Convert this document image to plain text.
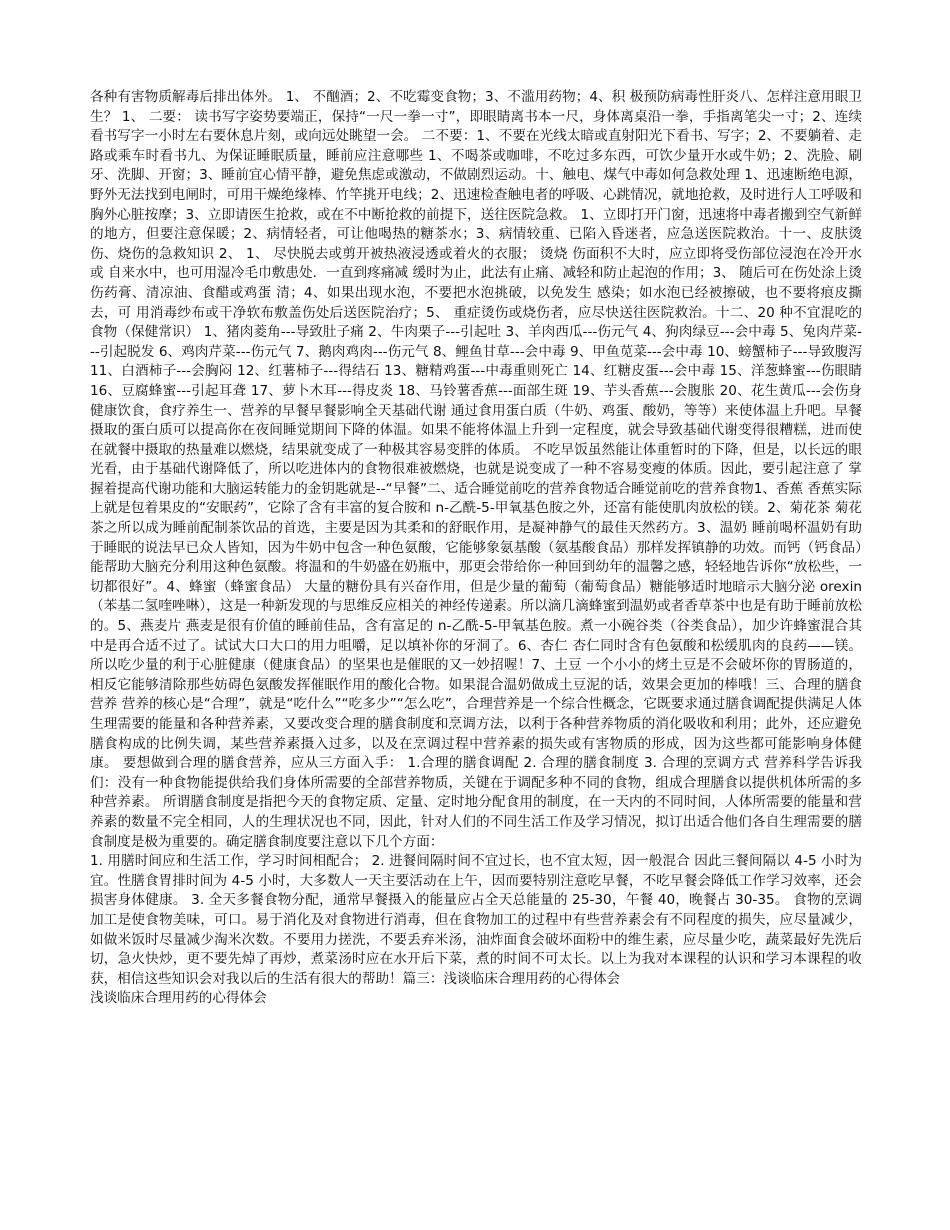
各种有害物质解毒后排出体外。 1、 不酗酒；2、不吃霉变食物；3、不滥用药物；4、积 极预防病毒性肝炎八、怎样注意用眼卫生？ 1、 二要： 读书写字姿势要端正，保持“一尺一拳一寸”，即眼睛离书本一尺，身体离桌沿一拳，手指离笔尖一寸；2、连续看书写字一小时左右要休息片刻，或向远处眺望一会。 二不要：1、不要在光线太暗或直射阳光下看书、写字；2、不要躺着、走路或乘车时看书九、为保证睡眠质量，睡前应注意哪些 1、不喝茶或咖啡，不吃过多东西，可饮少量开水或牛奶；2、洗脸、刷牙、洗脚、开窗；3、睡前宜心情平静，避免焦虑或激动，不做剧烈运动。十、触电、煤气中毒如何急救处理 1、迅速断绝电源，野外无法找到电闸时，可用干燥绝缘棒、竹竿挑开电线；2、迅速检查触电者的呼吸、心跳情况，就地抢救，及时进行人工呼吸和胸外心脏按摩；3、立即请医生抢救，或在不中断抢救的前提下，送往医院急救。 1、立即打开门窗，迅速将中毒者搬到空气新鲜的地方，但要注意保暖；2、病情轻者，可让他喝热的糖茶水；3、病情较重、已陷入昏迷者，应急送医院救治。十一、皮肤烫伤、烧伤的急救知识 2、 1、 尽快脱去或剪开被热液浸透或着火的衣服； 烫烧 伤面积不大时，应立即将受伤部位浸泡在冷开水或 自来水中，也可用湿冷毛巾敷患处．一直到疼痛减 缓时为止，此法有止痛、减轻和防止起泡的作用；3、 随后可在伤处涂上烫伤药膏、清凉油、食醋或鸡蛋 清；4、如果出现水泡，不要把水泡挑破，以免发生 感染；如水泡已经被擦破，也不要将痕皮撕去，可 用消毒纱布或干净软布敷盖伤处后送医院治疗；5、 重症烫伤或烧伤者，应尽快送往医院救治。十二、20 种不宜混吃的食物（保健常识） 1、猪肉菱角---导致肚子痛 2、牛肉栗子---引起吐 3、羊肉西瓜---伤元气 4、狗肉绿豆---会中毒 5、兔肉芹菜---引起脱发 6、鸡肉芹菜---伤元气 7、鹅肉鸡肉---伤元气 8、鲤鱼甘草---会中毒 9、甲鱼苋菜---会中毒 10、螃蟹柿子---导致腹泻 11、白酒柿子---会胸闷 12、红薯柿子---得结石 13、糖精鸡蛋---中毒重则死亡 14、红糖皮蛋---会中毒 15、洋葱蜂蜜---伤眼睛 16、豆腐蜂蜜---引起耳聋 17、萝卜木耳---得皮炎 18、马铃薯香蕉---面部生斑 19、芋头香蕉---会腹胀 20、花生黄瓜---会伤身健康饮食，食疗养生一、营养的早餐早餐影响全天基础代谢 通过食用蛋白质（牛奶、鸡蛋、酸奶，等等）来使体温上升吧。早餐摄取的蛋白质可以提高你在夜间睡觉期间下降的体温。如果不能将体温上升到一定程度，就会导致基础代谢变得很糟糕，进而使在就餐中摄取的热量难以燃烧，结果就变成了一种极其容易变胖的体质。 不吃早饭虽然能让体重暂时的下降，但是，以长远的眼光看，由于基础代谢降低了，所以吃进体内的食物很难被燃烧，也就是说变成了一种不容易变瘦的体质。因此，要引起注意了 掌握着提高代谢功能和大脑运转能力的金钥匙就是--“早餐”二、适合睡觉前吃的营养食物适合睡觉前吃的营养食物1、香蕉 香蕉实际上就是包着果皮的“安眠药”，它除了含有丰富的复合胺和 n-乙酰-5-甲氧基色胺之外，还富有能使肌肉放松的镁。2、菊花茶 菊花茶之所以成为睡前配制茶饮品的首选，主要是因为其柔和的舒眠作用，是凝神静气的最佳天然药方。3、温奶 睡前喝杯温奶有助于睡眠的说法早已众人皆知，因为牛奶中包含一种色氨酸，它能够象氨基酸（氨基酸食品）那样发挥镇静的功效。而钙（钙食品）能帮助大脑充分利用这种色氨酸。将温和的牛奶盛在奶瓶中，那更会带给你一种回到幼年的温馨之感，轻轻地告诉你“放松些，一切都很好”。4、蜂蜜（蜂蜜食品） 大量的糖份具有兴奋作用，但是少量的葡萄（葡萄食品）糖能够适时地暗示大脑分泌 orexin（苯基二氢喹唑啉），这是一种新发现的与思维反应相关的神经传递素。所以滴几滴蜂蜜到温奶或者香草茶中也是有助于睡前放松的。5、燕麦片 燕麦是很有价值的睡前佳品，含有富足的 n-乙酰-5-甲氧基色胺。煮一小碗谷类（谷类食品），加少许蜂蜜混合其中是再合适不过了。试试大口大口的用力咀嚼，足以填补你的牙洞了。6、杏仁 杏仁同时含有色氨酸和松缓肌肉的良药——镁。所以吃少量的利于心脏健康（健康食品）的坚果也是催眠的又一妙招喔！7、土豆 一个小小的烤土豆是不会破坏你的胃肠道的，相反它能够清除那些妨碍色氨酸发挥催眠作用的酸化合物。如果混合温奶做成土豆泥的话，效果会更加的棒哦！三、合理的膳食营养 营养的核心是“合理”，就是“吃什么”“吃多少”“怎么吃”，合理营养是一个综合性概念，它既要求通过膳食调配提供满足人体生理需要的能量和各种营养素，又要改变合理的膳食制度和烹调方法，以利于各种营养物质的消化吸收和利用；此外，还应避免膳食构成的比例失调，某些营养素摄入过多，以及在烹调过程中营养素的损失或有害物质的形成，因为这些都可能影响身体健康。 要想做到合理的膳食营养，应从三方面入手： 1.合理的膳食调配 2. 合理的膳食制度 3. 合理的烹调方式 营养科学告诉我们：没有一种食物能提供给我们身体所需要的全部营养物质，关键在于调配多种不同的食物，组成合理膳食以提供机体所需的多种营养素。 所谓膳食制度是指把今天的食物定质、定量、定时地分配食用的制度，在一天内的不同时间，人体所需要的能量和营养素的数量不完全相同，人的生理状况也不同，因此，针对人们的不同生活工作及学习情况，拟订出适合他们各自生理需要的膳食制度是极为重要的。确定膳食制度要注意以下几个方面：

1. 用膳时间应和生活工作，学习时间相配合； 2. 进餐间隔时间不宜过长，也不宜太短，因一般混合 因此三餐间隔以 4-5 小时为宜。性膳食胃排时间为 4-5 小时，大多数人一天主要活动在上午，因而要特别注意吃早餐，不吃早餐会降低工作学习效率，还会损害身体健康。 3. 全天多餐食物分配，通常早餐摄入的能量应占全天总能量的 25-30，午餐 40，晚餐占 30-35。 食物的烹调加工是使食物美味，可口。易于消化及对食物进行消毒，但在食物加工的过程中有些营养素会有不同程度的损失，应尽量减少，如做米饭时尽量减少淘米次数。不要用力搓洗，不要丢弃米汤，油炸面食会破坏面粉中的维生素，应尽量少吃，蔬菜最好先洗后切，急火快炒，更不要先焯了再炒，煮菜汤时应在水开后下菜，煮的时间不可太长。以上为我对本课程的认识和学习本课程的收获，相信这些知识会对我以后的生活有很大的帮助！篇三：浅谈临床合理用药的心得体会

浅谈临床合理用药的心得体会
